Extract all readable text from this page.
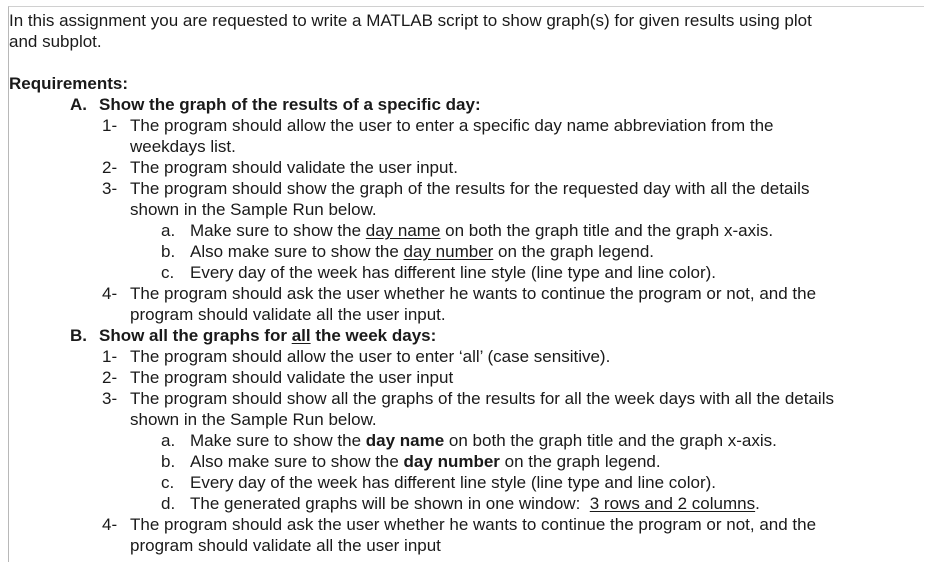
In this assignment you are requested to write a MATLAB script to show graph(s) for given results using plot
and subplot.
Requirements:
A. Show the graph of the results of a specific day:
1- The program should allow the user to enter a specific day name abbreviation from the
weekdays list.
2- The program should validate the user input.
3- The program should show the graph of the results for the requested day with all the details
shown in the Sample Run below.
a. Make sure to show the day name on both the graph title and the graph x-axis.
b. Also make sure to show the day number on the graph legend.
c. Every day of the week has different line style (line type and line color).
4- The program should ask the user whether he wants to continue the program or not, and the
program should validate all the user input.
B. Show all the graphs for all the week days:
1- The program should allow the user to enter ‘all’ (case sensitive).
2- The program should validate the user input
3- The program should show all the graphs of the results for all the week days with all the details
shown in the Sample Run below.
a. Make sure to show the day name on both the graph title and the graph x-axis.
b. Also make sure to show the day number on the graph legend.
c. Every day of the week has different line style (line type and line color).
d. The generated graphs will be shown in one window:  3 rows and 2 columns.
4- The program should ask the user whether he wants to continue the program or not, and the
program should validate all the user input
